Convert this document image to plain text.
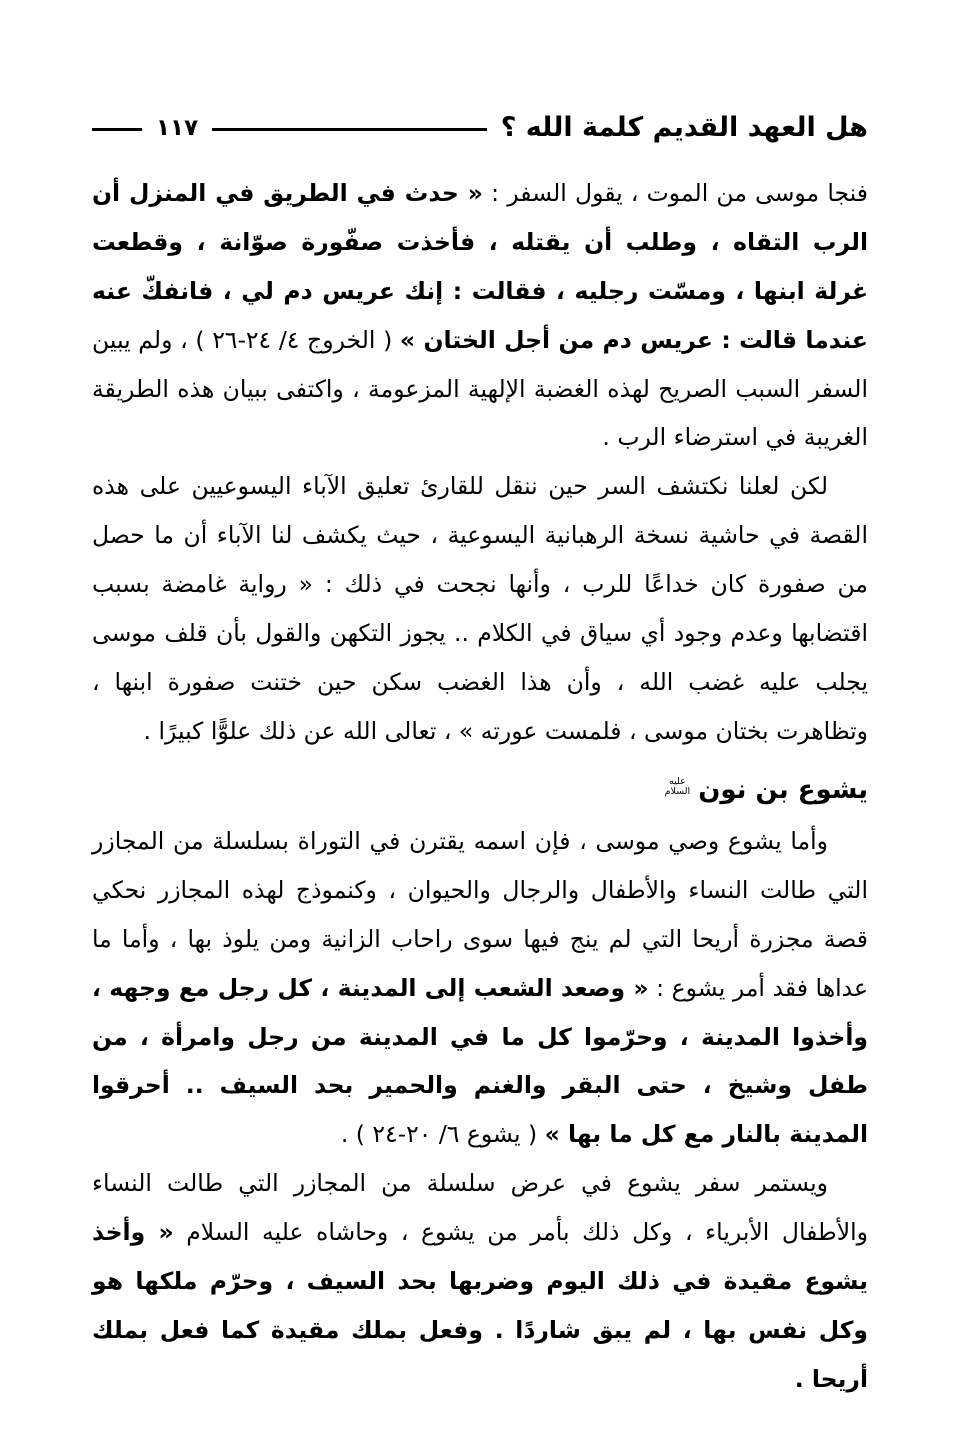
هل العهد القديم كلمة الله ؟
١١٧

فنجا موسى من الموت ، يقول السفر : « حدث في الطريق في المنزل أن الرب التقاه ، وطلب أن يقتله ، فأخذت صفّورة صوّانة ، وقطعت غرلة ابنها ، ومسّت رجليه ، فقالت : إنك عريس دم لي ، فانفكّ عنه عندما قالت : عريس دم من أجل الختان » ( الخروج ٤/ ٢٤-٢٦ ) ، ولم يبين السفر السبب الصريح لهذه الغضبة الإلهية المزعومة ، واكتفى ببيان هذه الطريقة الغريبة في استرضاء الرب .

لكن لعلنا نكتشف السر حين ننقل للقارئ تعليق الآباء اليسوعيين على هذه القصة في حاشية نسخة الرهبانية اليسوعية ، حيث يكشف لنا الآباء أن ما حصل من صفورة كان خداعًا للرب ، وأنها نجحت في ذلك : « رواية غامضة بسبب اقتضابها وعدم وجود أي سياق في الكلام .. يجوز التكهن والقول بأن قلف موسى يجلب عليه غضب الله ، وأن هذا الغضب سكن حين ختنت صفورة ابنها ، وتظاهرت بختان موسى ، فلمست عورته » ، تعالى الله عن ذلك علوًّا كبيرًا .

يشوع بن نون
عليه
السلام

وأما يشوع وصي موسى ، فإن اسمه يقترن في التوراة بسلسلة من المجازر التي طالت النساء والأطفال والرجال والحيوان ، وكنموذج لهذه المجازر نحكي قصة مجزرة أريحا التي لم ينج فيها سوى راحاب الزانية ومن يلوذ بها ، وأما ما عداها فقد أمر يشوع : « وصعد الشعب إلى المدينة ، كل رجل مع وجهه ، وأخذوا المدينة ، وحرّموا كل ما في المدينة من رجل وامرأة ، من طفل وشيخ ، حتى البقر والغنم والحمير بحد السيف .. أحرقوا المدينة بالنار مع كل ما بها » ( يشوع ٦/ ٢٠-٢٤ ) .

ويستمر سفر يشوع في عرض سلسلة من المجازر التي طالت النساء والأطفال الأبرياء ، وكل ذلك بأمر من يشوع ، وحاشاه عليه السلام « وأخذ يشوع مقيدة في ذلك اليوم وضربها بحد السيف ، وحرّم ملكها هو وكل نفس بها ، لم يبق شاردًا . وفعل بملك مقيدة كما فعل بملك أريحا .
